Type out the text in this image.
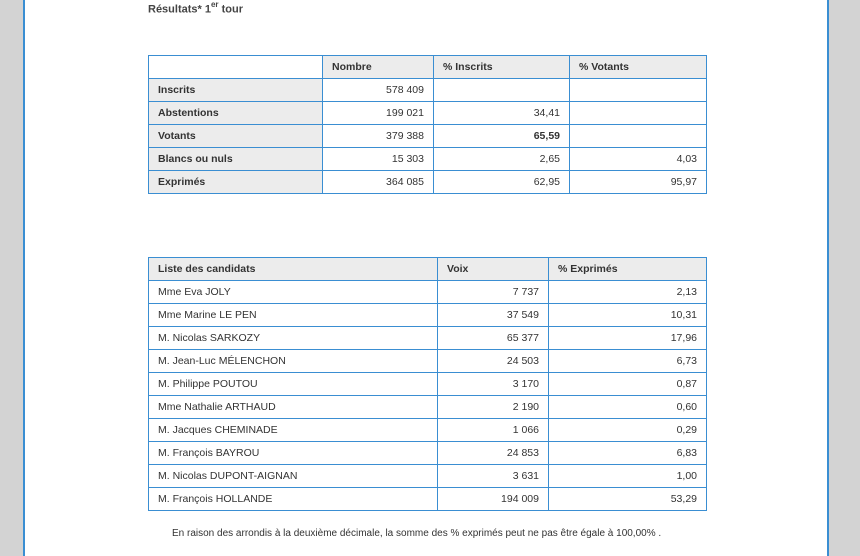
Résultats* 1er tour
	Nombre	% Inscrits	% Votants
Inscrits	578 409		
Abstentions	199 021	34,41	
Votants	379 388	65,59	
Blancs ou nuls	15 303	2,65	4,03
Exprimés	364 085	62,95	95,97
Liste des candidats	Voix	% Exprimés
Mme Eva JOLY	7 737	2,13
Mme Marine LE PEN	37 549	10,31
M. Nicolas SARKOZY	65 377	17,96
M. Jean-Luc MÉLENCHON	24 503	6,73
M. Philippe POUTOU	3 170	0,87
Mme Nathalie ARTHAUD	2 190	0,60
M. Jacques CHEMINADE	1 066	0,29
M. François BAYROU	24 853	6,83
M. Nicolas DUPONT-AIGNAN	3 631	1,00
M. François HOLLANDE	194 009	53,29
En raison des arrondis à la deuxième décimale, la somme des % exprimés peut ne pas être égale à 100,00% .
